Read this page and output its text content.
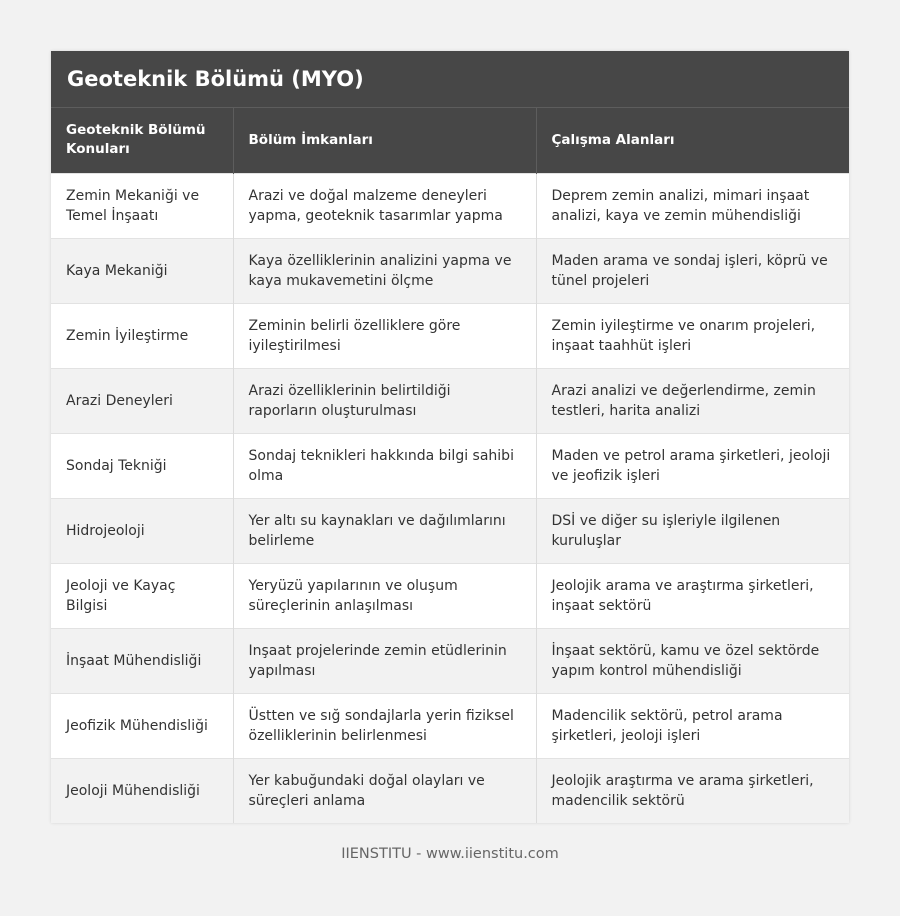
Geoteknik Bölümü (MYO)
Geoteknik Bölümü Konuları	Bölüm İmkanları	Çalışma Alanları
Zemin Mekaniği ve Temel İnşaatı	Arazi ve doğal malzeme deneyleri yapma, geoteknik tasarımlar yapma	Deprem zemin analizi, mimari inşaat analizi, kaya ve zemin mühendisliği
Kaya Mekaniği	Kaya özelliklerinin analizini yapma ve kaya mukavemetini ölçme	Maden arama ve sondaj işleri, köprü ve tünel projeleri
Zemin İyileştirme	Zeminin belirli özelliklere göre iyileştirilmesi	Zemin iyileştirme ve onarım projeleri, inşaat taahhüt işleri
Arazi Deneyleri	Arazi özelliklerinin belirtildiği raporların oluşturulması	Arazi analizi ve değerlendirme, zemin testleri, harita analizi
Sondaj Tekniği	Sondaj teknikleri hakkında bilgi sahibi olma	Maden ve petrol arama şirketleri, jeoloji ve jeofizik işleri
Hidrojeoloji	Yer altı su kaynakları ve dağılımlarını belirleme	DSİ ve diğer su işleriyle ilgilenen kuruluşlar
Jeoloji ve Kayaç Bilgisi	Yeryüzü yapılarının ve oluşum süreçlerinin anlaşılması	Jeolojik arama ve araştırma şirketleri, inşaat sektörü
İnşaat Mühendisliği	Inşaat projelerinde zemin etüdlerinin yapılması	İnşaat sektörü, kamu ve özel sektörde yapım kontrol mühendisliği
Jeofizik Mühendisliği	Üstten ve sığ sondajlarla yerin fiziksel özelliklerinin belirlenmesi	Madencilik sektörü, petrol arama şirketleri, jeoloji işleri
Jeoloji Mühendisliği	Yer kabuğundaki doğal olayları ve süreçleri anlama	Jeolojik araştırma ve arama şirketleri, madencilik sektörü
IIENSTITU - www.iienstitu.com
